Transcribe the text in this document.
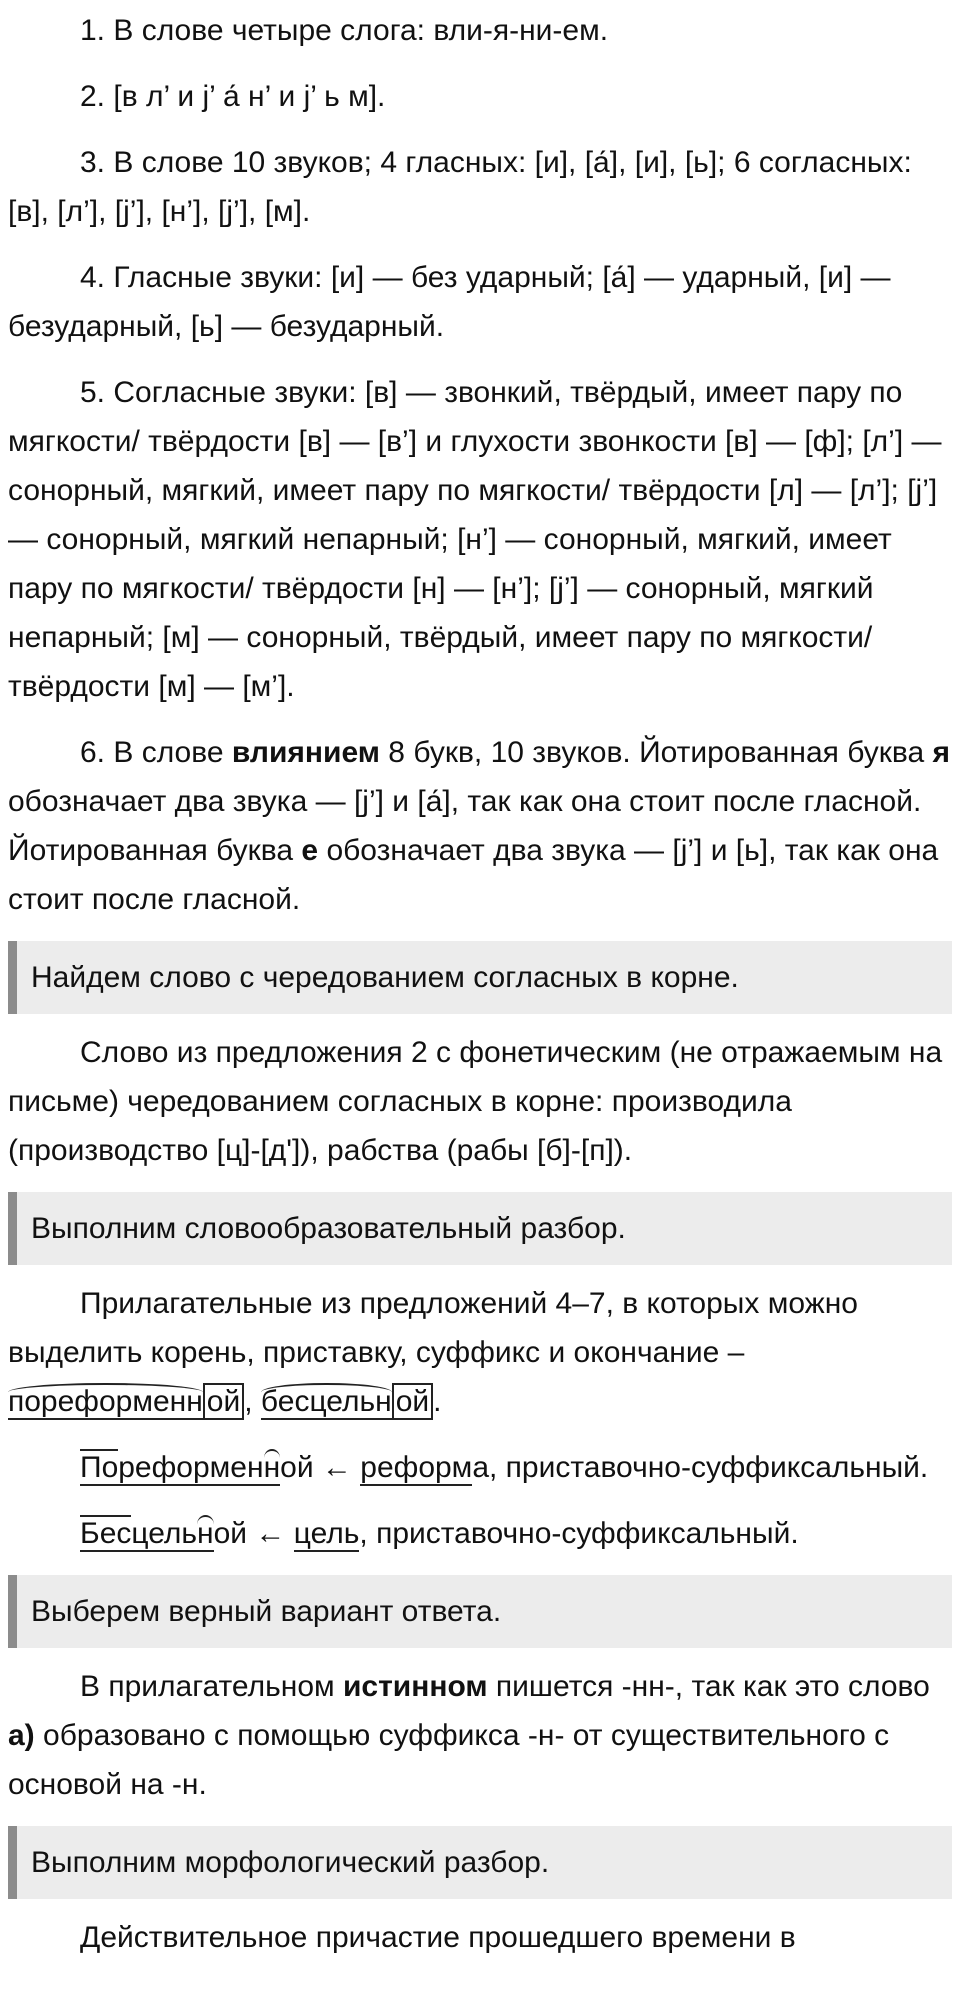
1. В слове четыре слога: вли-я-ни-ем.

2. [в л’ и j’ а́ н’ и j’ ь м].

3. В слове 10 звуков; 4 гласных: [и], [а́], [и], [ь]; 6 согласных: [в], [л’], [j’], [н’], [j’], [м].

4. Гласные звуки: [и] — без ударный; [а́] — ударный, [и] — безударный, [ь] — безударный.

5. Согласные звуки: [в] — звонкий, твёрдый, имеет пару по мягкости/ твёрдости [в] — [в’] и глухости звонкости [в] — [ф]; [л’] — сонорный, мягкий, имеет пару по мягкости/ твёрдости [л] — [л’]; [j’] — сонорный, мягкий непарный; [н’] — сонорный, мягкий, имеет пару по мягкости/ твёрдости [н] — [н’]; [j’] — сонорный, мягкий непарный; [м] — сонорный, твёрдый, имеет пару по мягкости/ твёрдости [м] — [м’].

6. В слове влиянием 8 букв, 10 звуков. Йотированная буква я обозначает два звука — [j’] и [а́], так как она стоит после гласной. Йотированная буква е обозначает два звука — [j’] и [ь], так как она стоит после гласной.

Найдем слово с чередованием согласных в корне.

Слово из предложения 2 с фонетическим (не отражаемым на письме) чередованием согласных в корне: производила (производство [ц]-[д']), рабства (рабы [б]-[п]).

Выполним словообразовательный разбор.

Прилагательные из предложений 4–7, в которых можно выделить корень, приставку, суффикс и окончание – пореформенн ой , бесцельн ой .

Пореформенной ← реформа, приставочно-суффиксальный.

Бесцельной ← цель, приставочно-суффиксальный.

Выберем верный вариант ответа.

В прилагательном истинном пишется -нн-, так как это слово а) образовано с помощью суффикса -н- от существительного с основой на -н.

Выполним морфологический разбор.

Действительное причастие прошедшего времени в
